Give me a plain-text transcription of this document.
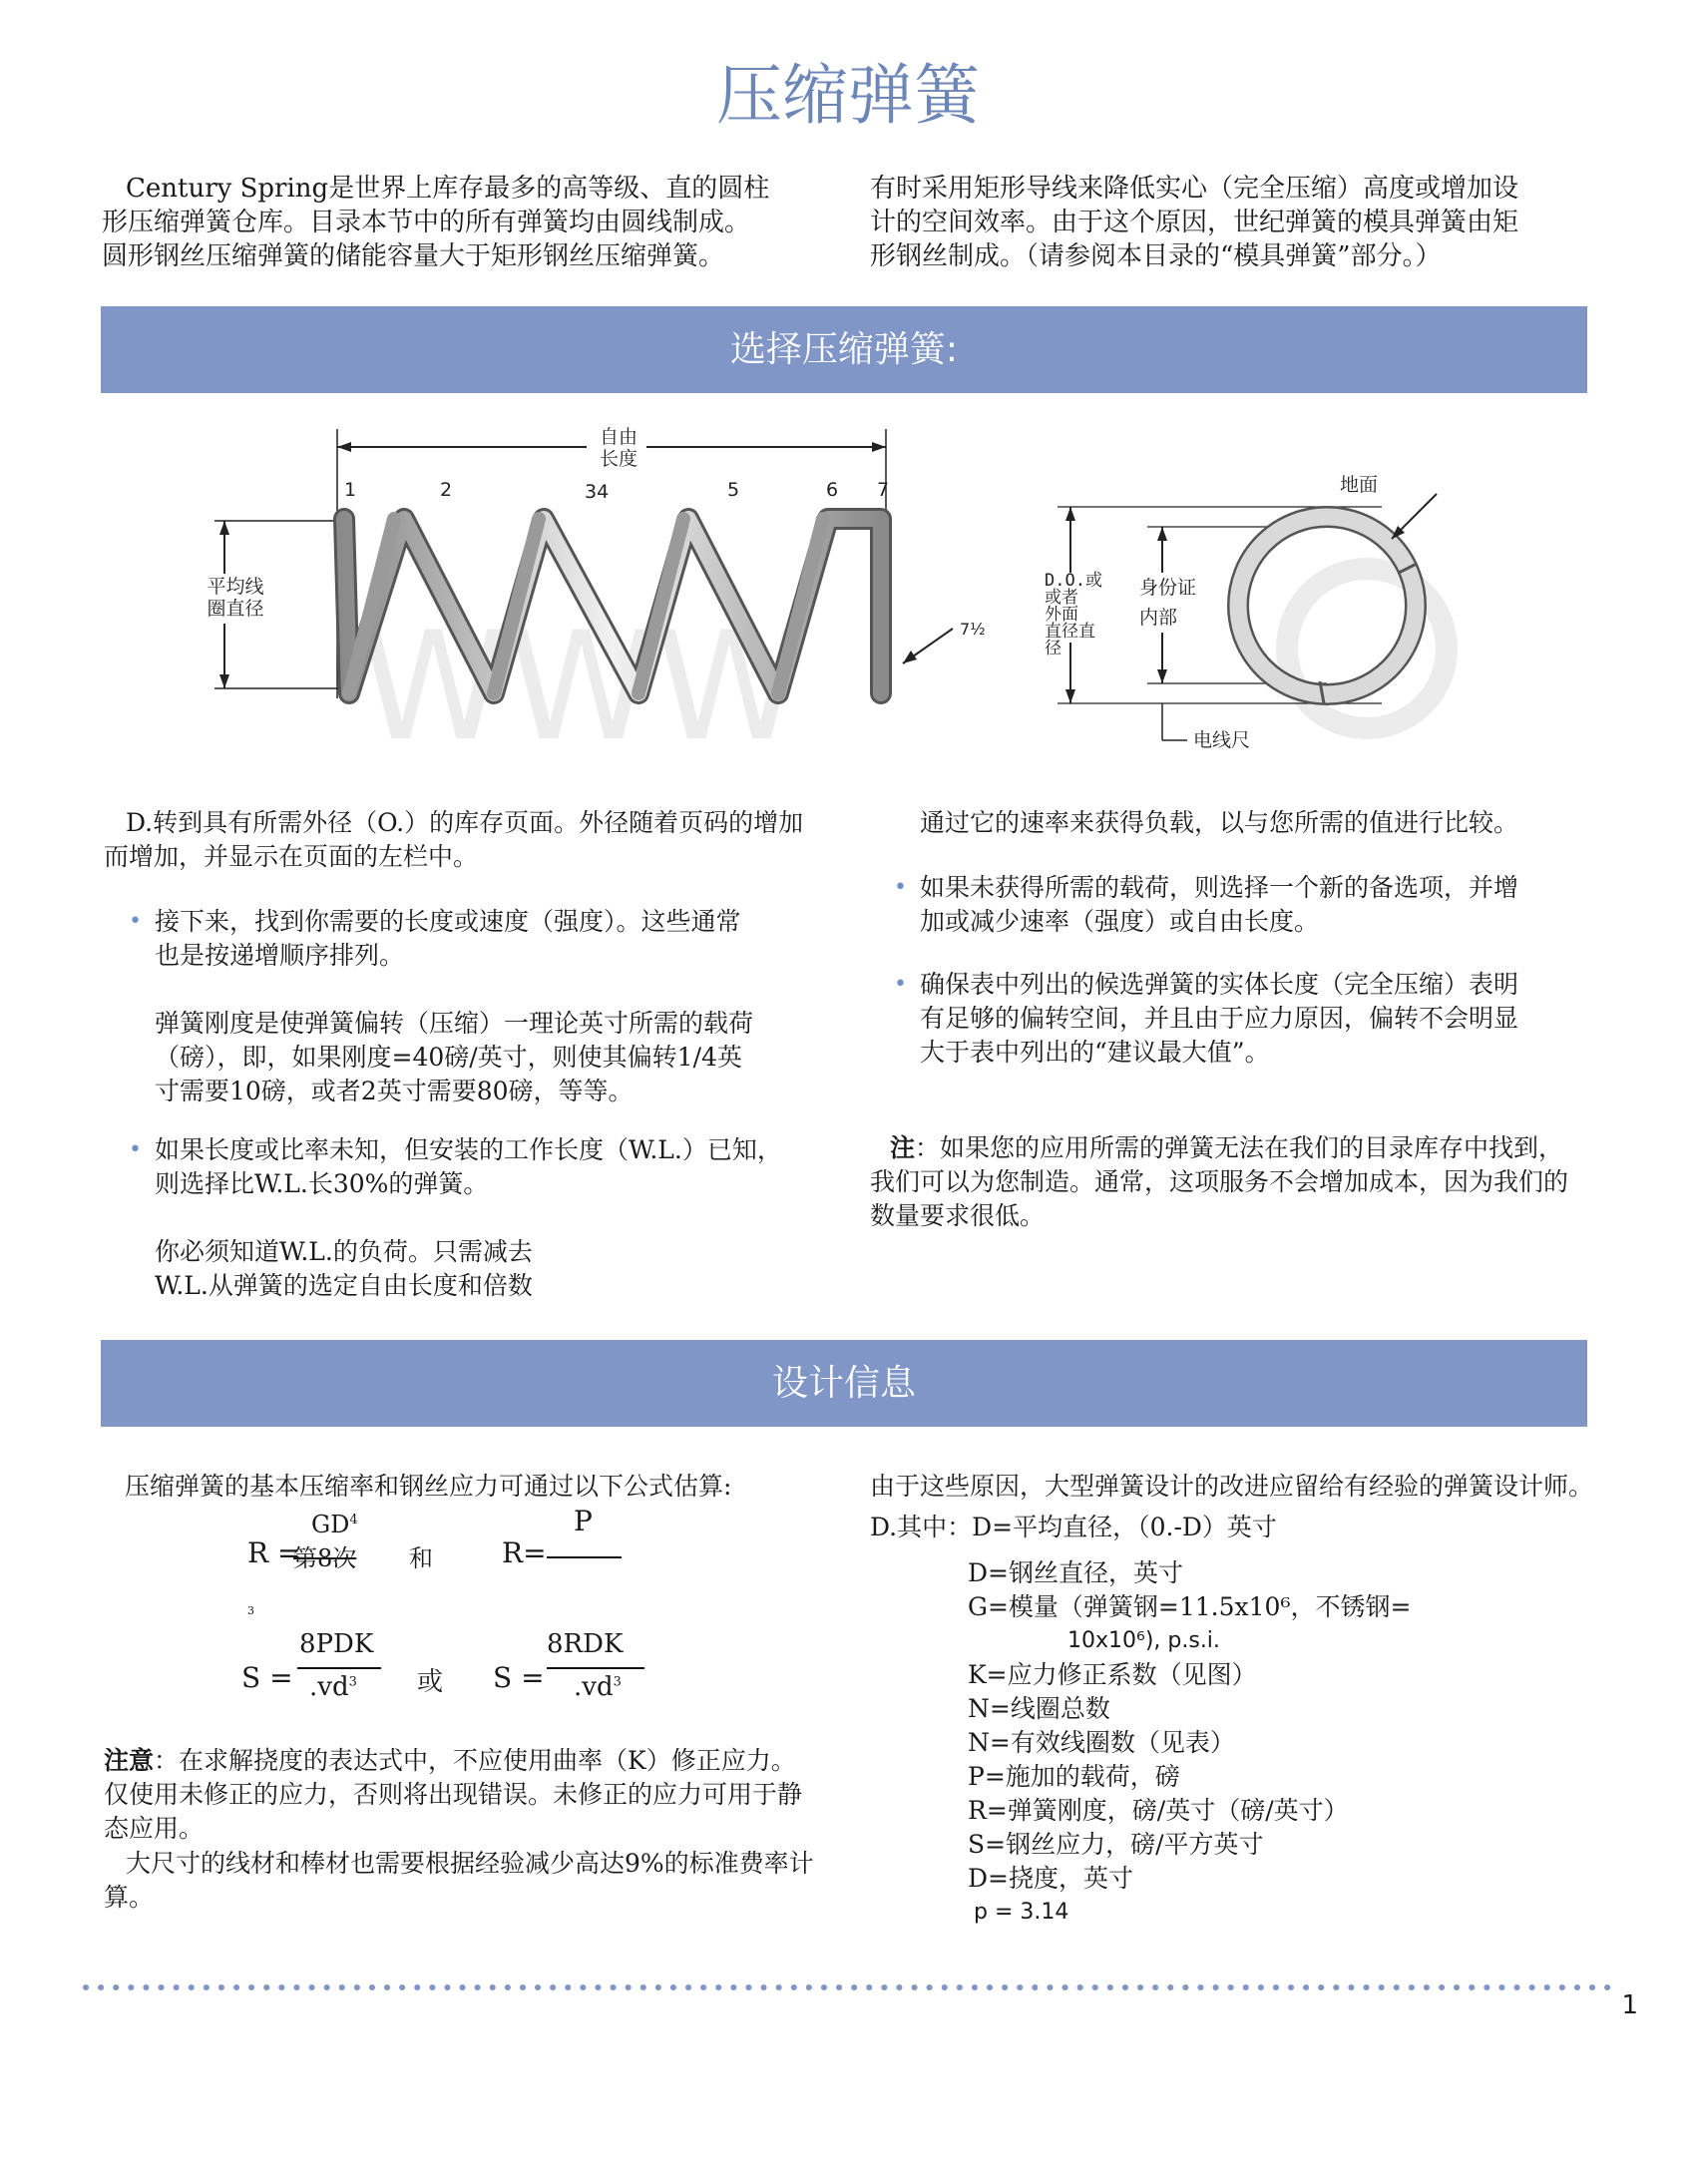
压缩弹簧
Century Spring是世界上库存最多的高等级、直的圆柱
形压缩弹簧仓库。目录本节中的所有弹簧均由圆线制成。
圆形钢丝压缩弹簧的储能容量大于矩形钢丝压缩弹簧。
有时采用矩形导线来降低实心（完全压缩）高度或增加设
计的空间效率。由于这个原因，世纪弹簧的模具弹簧由矩
形钢丝制成。（请参阅本目录的“模具弹簧”部分。）
选择压缩弹簧:
WWW
自由
长度
1	2	34	5	6 7
平均线
圈直径
7½
地面
D.O.或
或者
外面
直径直径
身份证
内部
电线尺
D.转到具有所需外径（O.）的库存页面。外径随着页码的增加
而增加，并显示在页面的左栏中。
• 接下来，找到你需要的长度或速度（强度）。这些通常
也是按递增顺序排列。
弹簧刚度是使弹簧偏转（压缩）一理论英寸所需的载荷
（磅），即，如果刚度=40磅/英寸，则使其偏转1/4英
寸需要10磅，或者2英寸需要80磅，等等。
• 如果长度或比率未知，但安装的工作长度（W.L.）已知，
则选择比W.L.长30%的弹簧。
你必须知道W.L.的负荷。只需减去
W.L.从弹簧的选定自由长度和倍数
通过它的速率来获得负载，以与您所需的值进行比较。
• 如果未获得所需的载荷，则选择一个新的备选项，并增
加或减少速率（强度）或自由长度。
• 确保表中列出的候选弹簧的实体长度（完全压缩）表明
有足够的偏转空间，并且由于应力原因，偏转不会明显
大于表中列出的“建议最大值”。
注：如果您的应用所需的弹簧无法在我们的目录库存中找到，
我们可以为您制造。通常，这项服务不会增加成本，因为我们的
数量要求很低。
设计信息
压缩弹簧的基本压缩率和钢丝应力可通过以下公式估算:
R =
$GD^4$
第8次 和 R=
P
3
S =
8PDK
$.vd^3$ 或 S =
8RDK
$.vd^3$
注意：在求解挠度的表达式中，不应使用曲率（K）修正应力。
仅使用未修正的应力，否则将出现错误。未修正的应力可用于静
态应用。
大尺寸的线材和棒材也需要根据经验减少高达9%的标准费率计
算。
由于这些原因，大型弹簧设计的改进应留给有经验的弹簧设计师。
D.其中：D=平均直径，（0.-D）英寸
D=钢丝直径，英寸
G=模量（弹簧钢=11.5x10⁶，不锈钢=
10x10⁶), p.s.i.
K=应力修正系数（见图）
N=线圈总数
N=有效线圈数（见表）
P=施加的载荷，磅
R=弹簧刚度，磅/英寸（磅/英寸）
S=钢丝应力，磅/平方英寸
D=挠度，英寸
p = 3.14
1
